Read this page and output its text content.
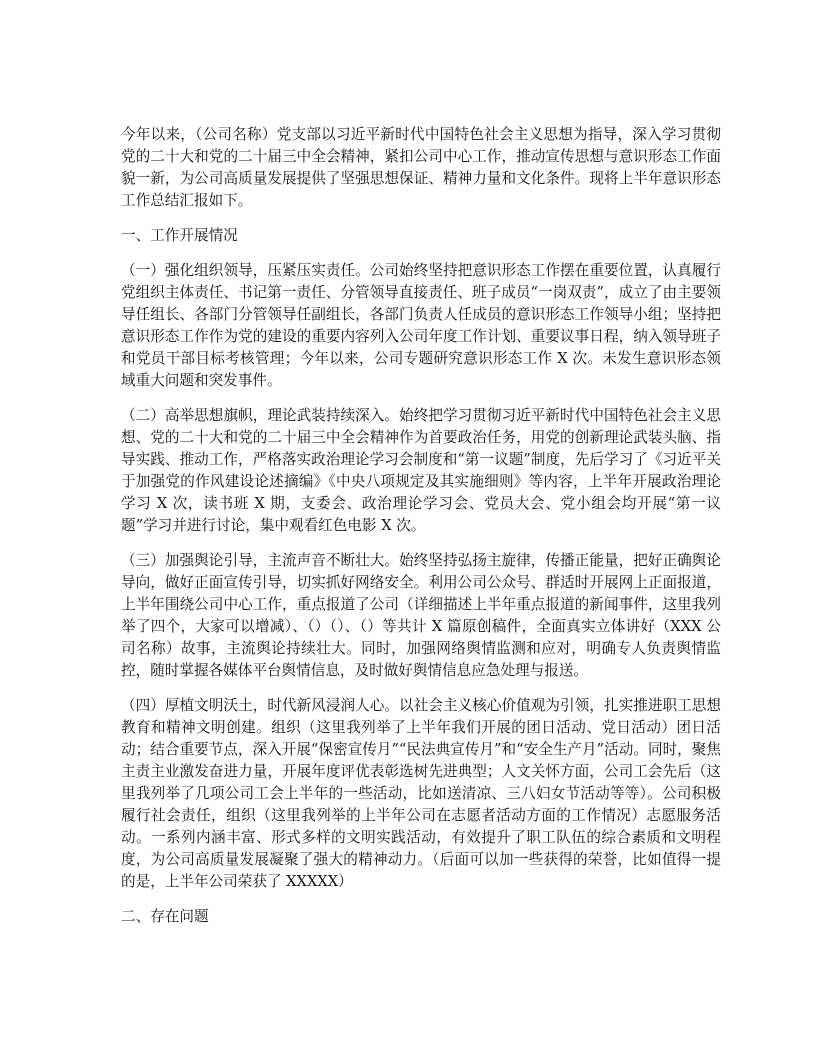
今年以来，（公司名称）党支部以习近平新时代中国特色社会主义思想为指导，深入学习贯彻党的二十大和党的二十届三中全会精神，紧扣公司中心工作，推动宣传思想与意识形态工作面貌一新，为公司高质量发展提供了坚强思想保证、精神力量和文化条件。现将上半年意识形态工作总结汇报如下。

一、工作开展情况

（一）强化组织领导，压紧压实责任。公司始终坚持把意识形态工作摆在重要位置，认真履行党组织主体责任、书记第一责任、分管领导直接责任、班子成员“一岗双责”，成立了由主要领导任组长、各部门分管领导任副组长，各部门负责人任成员的意识形态工作领导小组；坚持把意识形态工作作为党的建设的重要内容列入公司年度工作计划、重要议事日程，纳入领导班子和党员干部目标考核管理；今年以来，公司专题研究意识形态工作 X 次。未发生意识形态领域重大问题和突发事件。

（二）高举思想旗帜，理论武装持续深入。始终把学习贯彻习近平新时代中国特色社会主义思想、党的二十大和党的二十届三中全会精神作为首要政治任务，用党的创新理论武装头脑、指导实践、推动工作，严格落实政治理论学习会制度和“第一议题”制度，先后学习了《习近平关于加强党的作风建设论述摘编》《中央八项规定及其实施细则》等内容，上半年开展政治理论学习 X 次，读书班 X 期，支委会、政治理论学习会、党员大会、党小组会均开展“第一议题”学习并进行讨论，集中观看红色电影 X 次。

（三）加强舆论引导，主流声音不断壮大。始终坚持弘扬主旋律，传播正能量，把好正确舆论导向，做好正面宣传引导，切实抓好网络安全。利用公司公众号、群适时开展网上正面报道，上半年围绕公司中心工作，重点报道了公司（详细描述上半年重点报道的新闻事件，这里我列举了四个，大家可以增减）、（）（）、（）等共计 X 篇原创稿件，全面真实立体讲好（XXX 公司名称）故事，主流舆论持续壮大。同时，加强网络舆情监测和应对，明确专人负责舆情监控，随时掌握各媒体平台舆情信息，及时做好舆情信息应急处理与报送。

（四）厚植文明沃土，时代新风浸润人心。以社会主义核心价值观为引领，扎实推进职工思想教育和精神文明创建。组织（这里我列举了上半年我们开展的团日活动、党日活动）团日活动；结合重要节点，深入开展“保密宣传月”“民法典宣传月”和“安全生产月”活动。同时，聚焦主责主业激发奋进力量，开展年度评优表彰选树先进典型；人文关怀方面，公司工会先后（这里我列举了几项公司工会上半年的一些活动，比如送清凉、三八妇女节活动等等）。公司积极履行社会责任，组织（这里我列举的上半年公司在志愿者活动方面的工作情况）志愿服务活动。一系列内涵丰富、形式多样的文明实践活动，有效提升了职工队伍的综合素质和文明程度，为公司高质量发展凝聚了强大的精神动力。（后面可以加一些获得的荣誉，比如值得一提的是，上半年公司荣获了 XXXXX）

二、存在问题
